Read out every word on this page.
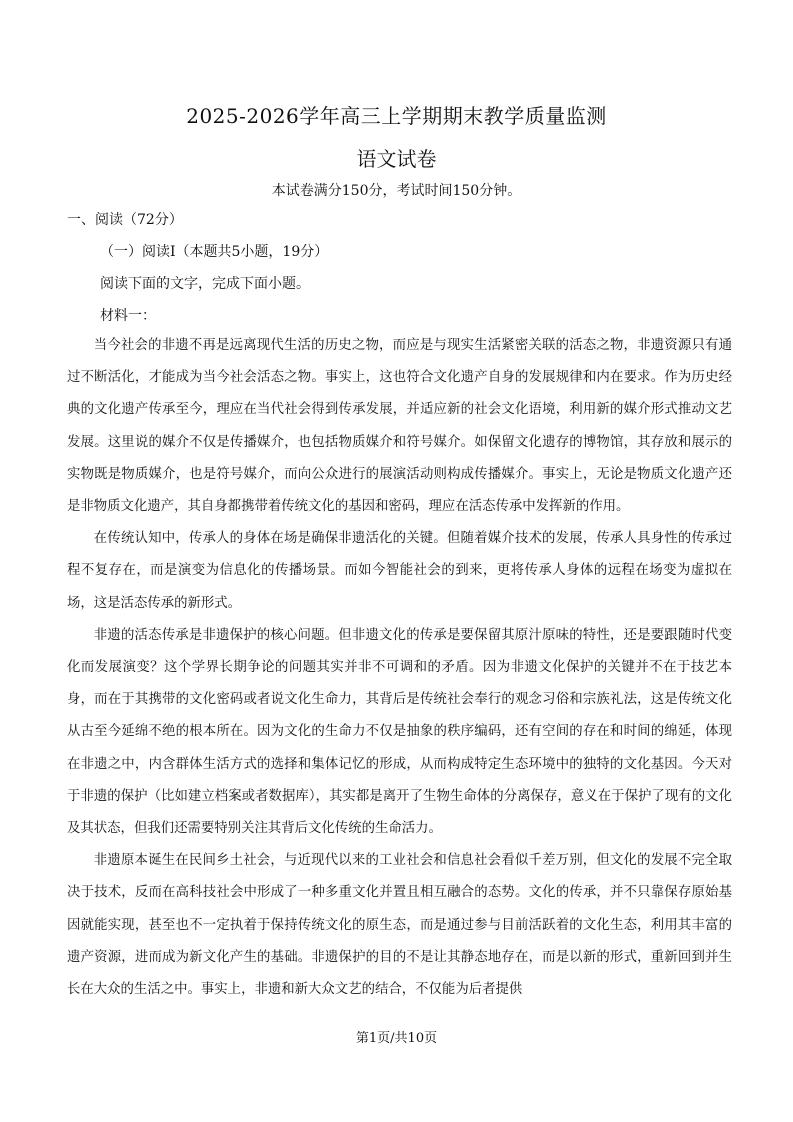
2025-2026学年高三上学期期末教学质量监测
语文试卷
本试卷满分150分，考试时间150分钟。
一、阅读（72分）
（一）阅读Ⅰ（本题共5小题，19分）
阅读下面的文字，完成下面小题。
材料一：

当今社会的非遗不再是远离现代生活的历史之物，而应是与现实生活紧密关联的活态之物，非遗资源只有通过不断活化，才能成为当今社会活态之物。事实上，这也符合文化遗产自身的发展规律和内在要求。作为历史经典的文化遗产传承至今，理应在当代社会得到传承发展，并适应新的社会文化语境，利用新的媒介形式推动文艺发展。这里说的媒介不仅是传播媒介，也包括物质媒介和符号媒介。如保留文化遗存的博物馆，其存放和展示的实物既是物质媒介，也是符号媒介，而向公众进行的展演活动则构成传播媒介。事实上，无论是物质文化遗产还是非物质文化遗产，其自身都携带着传统文化的基因和密码，理应在活态传承中发挥新的作用。

在传统认知中，传承人的身体在场是确保非遗活化的关键。但随着媒介技术的发展，传承人具身性的传承过程不复存在，而是演变为信息化的传播场景。而如今智能社会的到来，更将传承人身体的远程在场变为虚拟在场，这是活态传承的新形式。

非遗的活态传承是非遗保护的核心问题。但非遗文化的传承是要保留其原汁原味的特性，还是要跟随时代变化而发展演变？这个学界长期争论的问题其实并非不可调和的矛盾。因为非遗文化保护的关键并不在于技艺本身，而在于其携带的文化密码或者说文化生命力，其背后是传统社会奉行的观念习俗和宗族礼法，这是传统文化从古至今延绵不绝的根本所在。因为文化的生命力不仅是抽象的秩序编码，还有空间的存在和时间的绵延，体现在非遗之中，内含群体生活方式的选择和集体记忆的形成，从而构成特定生态环境中的独特的文化基因。今天对于非遗的保护（比如建立档案或者数据库），其实都是离开了生物生命体的分离保存，意义在于保护了现有的文化及其状态，但我们还需要特别关注其背后文化传统的生命活力。

非遗原本诞生在民间乡土社会，与近现代以来的工业社会和信息社会看似千差万别，但文化的发展不完全取决于技术，反而在高科技社会中形成了一种多重文化并置且相互融合的态势。文化的传承，并不只靠保存原始基因就能实现，甚至也不一定执着于保持传统文化的原生态，而是通过参与目前活跃着的文化生态，利用其丰富的遗产资源，进而成为新文化产生的基础。非遗保护的目的不是让其静态地存在，而是以新的形式，重新回到并生长在大众的生活之中。事实上，非遗和新大众文艺的结合，不仅能为后者提供

第1页/共10页
